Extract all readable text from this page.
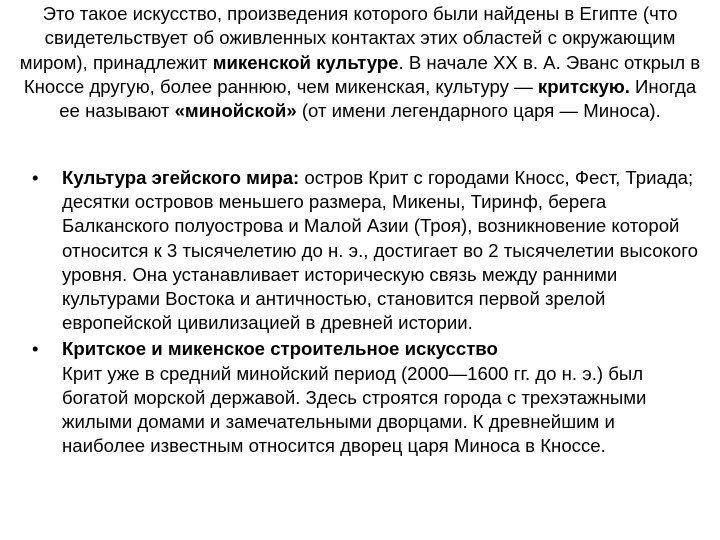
Это такое искусство, произведения которого были найдены в Египте (что свидетельствует об оживленных контактах этих областей с окружающим миром), принадлежит микенской культуре. В начале XX в. А. Эванс открыл в Кноссе другую, более раннюю, чем микенская, культуру — критскую. Иногда ее называют «минойской» (от имени легендарного царя — Миноса).
• Культура эгейского мира: остров Крит с городами Кносс, Фест, Триада; десятки островов меньшего размера, Микены, Тиринф, берега Балканского полуострова и Малой Азии (Троя), возникновение которой относится к 3 тысячелетию до н. э., достигает во 2 тысячелетии высокого уровня. Она устанавливает историческую связь между ранними культурами Востока и античностью, становится первой зрелой европейской цивилизацией в древней истории.
• Критское и микенское строительное искусство
Крит уже в средний минойский период (2000—1600 гг. до н. э.) был богатой морской державой. Здесь строятся города с трехэтажными жилыми домами и замечательными дворцами. К древнейшим и наиболее известным относится дворец царя Миноса в Кноссе.
